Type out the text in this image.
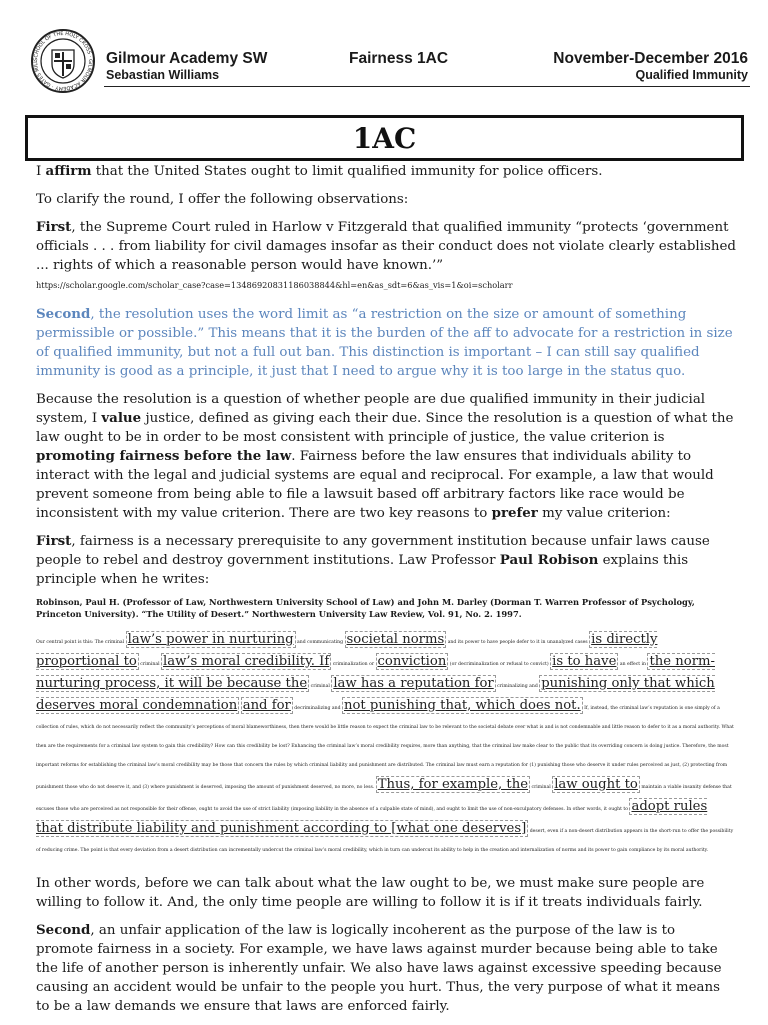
SCHOOL OF THE HOLY CROSS · GILMOUR ACADEMY · GATES MILL	Gilmour Academy SW
Sebastian Williams
Fairness 1AC	November-December 2016
Qualified Immunity
1AC

I affirm that the United States ought to limit qualified immunity for police officers.

To clarify the round, I offer the following observations:

First, the Supreme Court ruled in Harlow v Fitzgerald that qualified immunity “protects ‘government officials . . . from liability for civil damages insofar as their conduct does not violate clearly established ... rights of which a reasonable person would have known.’”

https://scholar.google.com/scholar_case?case=13486920831186038844&hl=en&as_sdt=6&as_vis=1&oi=scholarr

Second, the resolution uses the word limit as “a restriction on the size or amount of something permissible or possible.” This means that it is the burden of the aff to advocate for a restriction in size of qualified immunity, but not a full out ban. This distinction is important – I can still say qualified immunity is good as a principle, it just that I need to argue why it is too large in the status quo.

Because the resolution is a question of whether people are due qualified immunity in their judicial system, I value justice, defined as giving each their due. Since the resolution is a question of what the law ought to be in order to be most consistent with principle of justice, the value criterion is promoting fairness before the law. Fairness before the law ensures that individuals ability to interact with the legal and judicial systems are equal and reciprocal. For example, a law that would prevent someone from being able to file a lawsuit based off arbitrary factors like race would be inconsistent with my value criterion. There are two key reasons to prefer my value criterion:

First, fairness is a necessary prerequisite to any government institution because unfair laws cause people to rebel and destroy government institutions. Law Professor Paul Robison explains this principle when he writes:

Robinson, Paul H. (Professor of Law, Northwestern University School of Law) and John M. Darley (Dorman T. Warren Professor of Psychology, Princeton University). “The Utility of Desert.” Northwestern University Law Review, Vol. 91, No. 2. 1997.

Our central point is this: The criminal law’s power in nurturing and communicating societal norms and its power to have people defer to it in unanalyzed cases is directly proportional to criminal law’s moral credibility. If criminalization or conviction (or decriminalization or refusal to convict) is to have an effect in the norm-nurturing process, it will be because the criminal law has a reputation for criminalizing and punishing only that which deserves moral condemnation and for decriminalizing and not punishing that, which does not. If, instead, the criminal law’s reputation is one simply of a collection of rules, which do not necessarily reflect the community’s perceptions of moral blameworthiness, then there would be little reason to expect the criminal law to be relevant to the societal debate over what is and is not condemnable and little reason to defer to it as a moral authority. What then are the requirements for a criminal law system to gain this credibility? How can this credibility be lost? Enhancing the criminal law’s moral credibility requires, more than anything, that the criminal law make clear to the public that its overriding concern is doing justice. Therefore, the most important reforms for establishing the criminal law’s moral credibility may be those that concern the rules by which criminal liability and punishment are distributed. The criminal law must earn a reputation for (1) punishing those who deserve it under rules perceived as just, (2) protecting from punishment those who do not deserve it, and (3) where punishment is deserved, imposing the amount of punishment deserved, no more, no less. Thus, for example, the criminal law ought to maintain a viable insanity defense that excuses those who are perceived as not responsible for their offense, ought to avoid the use of strict liability (imposing liability in the absence of a culpable state of mind), and ought to limit the use of non-exculpatory defenses. In other words, it ought to adopt rules that distribute liability and punishment according to [what one deserves] desert, even if a non-desert distribution appears in the short-run to offer the possibility of reducing crime. The point is that every deviation from a desert distribution can incrementally undercut the criminal law’s moral credibility, which in turn can undercut its ability to help in the creation and internalization of norms and its power to gain compliance by its moral authority.

In other words, before we can talk about what the law ought to be, we must make sure people are willing to follow it. And, the only time people are willing to follow it is if it treats individuals fairly.

Second, an unfair application of the law is logically incoherent as the purpose of the law is to promote fairness in a society. For example, we have laws against murder because being able to take the life of another person is inherently unfair. We also have laws against excessive speeding because causing an accident would be unfair to the people you hurt. Thus, the very purpose of what it means to be a law demands we ensure that laws are enforced fairly.
